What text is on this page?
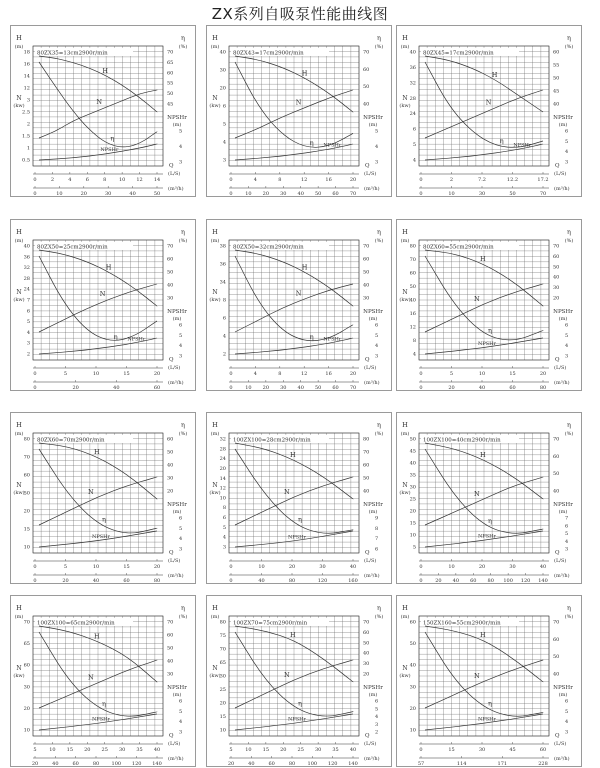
ZX系列自吸泵性能曲线图
80ZX35=13cm2900r/min
H
(m)
N
(kw)
η
(%)
NPSHr
(m)
Q
(L/S)
(m³/h)
18
16
14
12
3
2.5
2
1.5
1
0.5
70
65
60
55
50
45
5
4
3
0	2	4	6	8	10 12 14
0	10	20	30	40	50
η
H
N
NPSHr
80ZX43=17cm2900r/min
H
(m)
N
(kw)
η
(%)
NPSHr
(m)
Q
(L/S)
(m³/h)
40
30
20
6
5
4
3
70
60
50
40
5
4
3
0	4	8	12	16	20
0	10 20 30 40 50 60 70
η
H
N
NPSHr
80ZX45=17cm2900r/min
H
(m)
N
(kw)
η
(%)
NPSHr
(m)
Q
(L/S)
(m³/h)
40
36
32
28
24
6
5
4
60
55
50
45
40
6
5
4
3
0	2	7.2	12.2	17.2
0	10	30	50	70
η
H
N
NPSHr
80ZX50=25cm2900r/min
H
(m)
N
(kw)
η
(%)
NPSHr
(m)
Q
(L/S)
(m³/h)
40
36
32
28
24
7
6
5
4
3
2
70
60
50
40
30
6
5
4
3
0	5	10	15	20
0	20	40	60
η
H
N
NPSHr
80ZX50=32cm2900r/min
H
(m)
N
(kw)
η
(%)
NPSHr
(m)
Q
(L/S)
(m³/h)
38
36
34
8
6
4
2
70
60
50
40
30
6
5
4
3
0	4	8	12	16	20
0	10 20 30 40 50 60 70
η
H
N
NPSHr
80ZX60=55cm2900r/min
H
(m)
N
(kw)
η
(%)
NPSHr
(m)
Q
(L/S)
(m³/h)
80
70
60
50
40
16
12
8
4
70
60
50
40
30
20
6
5
4
3
0	5	10	15	20
0	20	40	60	80
η
H
N
NPSHr
80ZX60=70m2900r/min
H
(m)
N
(kw)
η
(%)
NPSHr
(m)
Q
(L/S)
(m³/h)
80
70
60
50
20
15
10
60
50
40
30
20
6
5
4
3
0	5	10	15	20
0	20	40	60	80
η
H
N
NPSHr
100ZX100=28cm2900r/min
H
(m)
N
(kw)
η
(%)
NPSHr
(m)
Q
(L/S)
(m³/h)
32
28
24
20
14
12
10
8
6
5
4
3
80
70
60
50
40
9
8
7
6
0	10	20	30	40
0	40	80	120	160
η
H
N
NPSHr
100ZX100=40cm2900r/min
H
(m)
N
(kw)
η
(%)
NPSHr
(m)
Q
(L/S)
(m³/h)
50
45
40
35
30
25
20
15
10
5
70
60
50
40
7
6
5
4
3
0	10	20	30	40
0	20 40 60 80 100 120 140
η
H
N
NPSHr
100ZX100=65cm2900r/min
H
(m)
N
(kw)
η
(%)
NPSHr
(m)
Q
(L/S)
(m³/h)
70
65
60
30
20
10
70
60
50
40
30
6
5
4
3
5	10 15 20 25 30 35 40
20	40	60	80 100 120 140
η
H
N
NPSHr
100ZX70=75cm2900r/min
H
(m)
N
(kw)
η
(%)
NPSHr
(m)
Q
(L/S)
(m³/h)
80
75
70
65
30
25
20
15
10
70
60
50
40
30
20
6
5
4
3
2
5	10 15 20 25 30 35 40
20	40	60	80 100 120 140
η
H
N
NPSHr
150ZX160=55cm2900r/min
H
(m)
N
(kw)
η
(%)
NPSHr
(m)
Q
(L/S)
(m³/h)
60
50
40
30
20
10
70
60
50
40
6
5
4
3
0	15	30	45	60
57	114	171	228
η
H
N
NPSHr
